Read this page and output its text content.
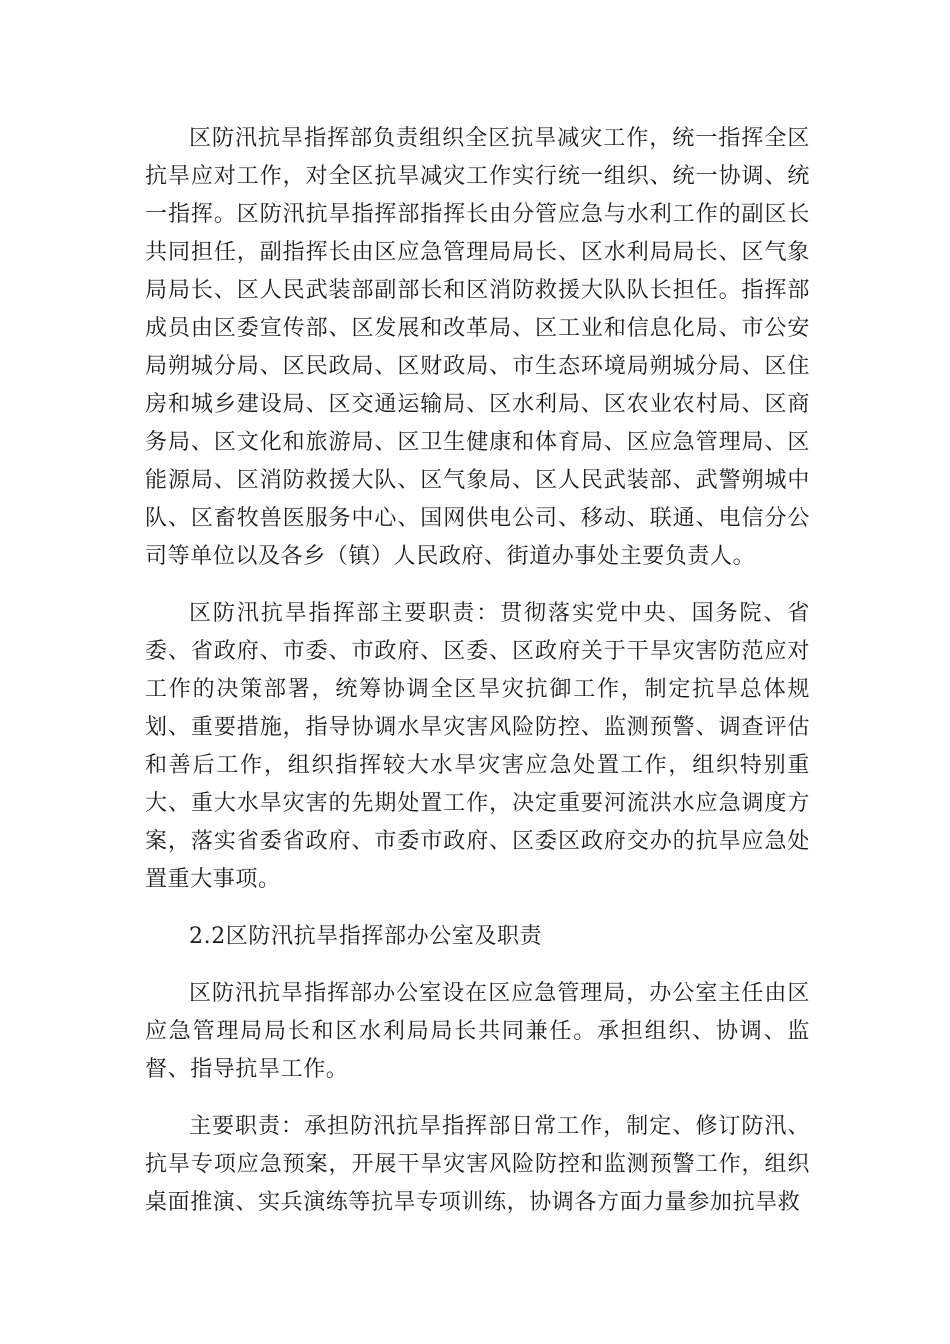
区防汛抗旱指挥部负责组织全区抗旱减灾工作，统一指挥全区抗旱应对工作，对全区抗旱减灾工作实行统一组织、统一协调、统一指挥。区防汛抗旱指挥部指挥长由分管应急与水利工作的副区长共同担任，副指挥长由区应急管理局局长、区水利局局长、区气象局局长、区人民武装部副部长和区消防救援大队队长担任。指挥部成员由区委宣传部、区发展和改革局、区工业和信息化局、市公安局朔城分局、区民政局、区财政局、市生态环境局朔城分局、区住房和城乡建设局、区交通运输局、区水利局、区农业农村局、区商务局、区文化和旅游局、区卫生健康和体育局、区应急管理局、区能源局、区消防救援大队、区气象局、区人民武装部、武警朔城中队、区畜牧兽医服务中心、国网供电公司、移动、联通、电信分公司等单位以及各乡（镇）人民政府、街道办事处主要负责人。

区防汛抗旱指挥部主要职责：贯彻落实党中央、国务院、省委、省政府、市委、市政府、区委、区政府关于干旱灾害防范应对工作的决策部署，统筹协调全区旱灾抗御工作，制定抗旱总体规划、重要措施，指导协调水旱灾害风险防控、监测预警、调查评估和善后工作，组织指挥较大水旱灾害应急处置工作，组织特别重大、重大水旱灾害的先期处置工作，决定重要河流洪水应急调度方案，落实省委省政府、市委市政府、区委区政府交办的抗旱应急处置重大事项。

2.2区防汛抗旱指挥部办公室及职责

区防汛抗旱指挥部办公室设在区应急管理局，办公室主任由区应急管理局局长和区水利局局长共同兼任。承担组织、协调、监督、指导抗旱工作。

主要职责：承担防汛抗旱指挥部日常工作，制定、修订防汛、抗旱专项应急预案，开展干旱灾害风险防控和监测预警工作，组织桌面推演、实兵演练等抗旱专项训练，协调各方面力量参加抗旱救
